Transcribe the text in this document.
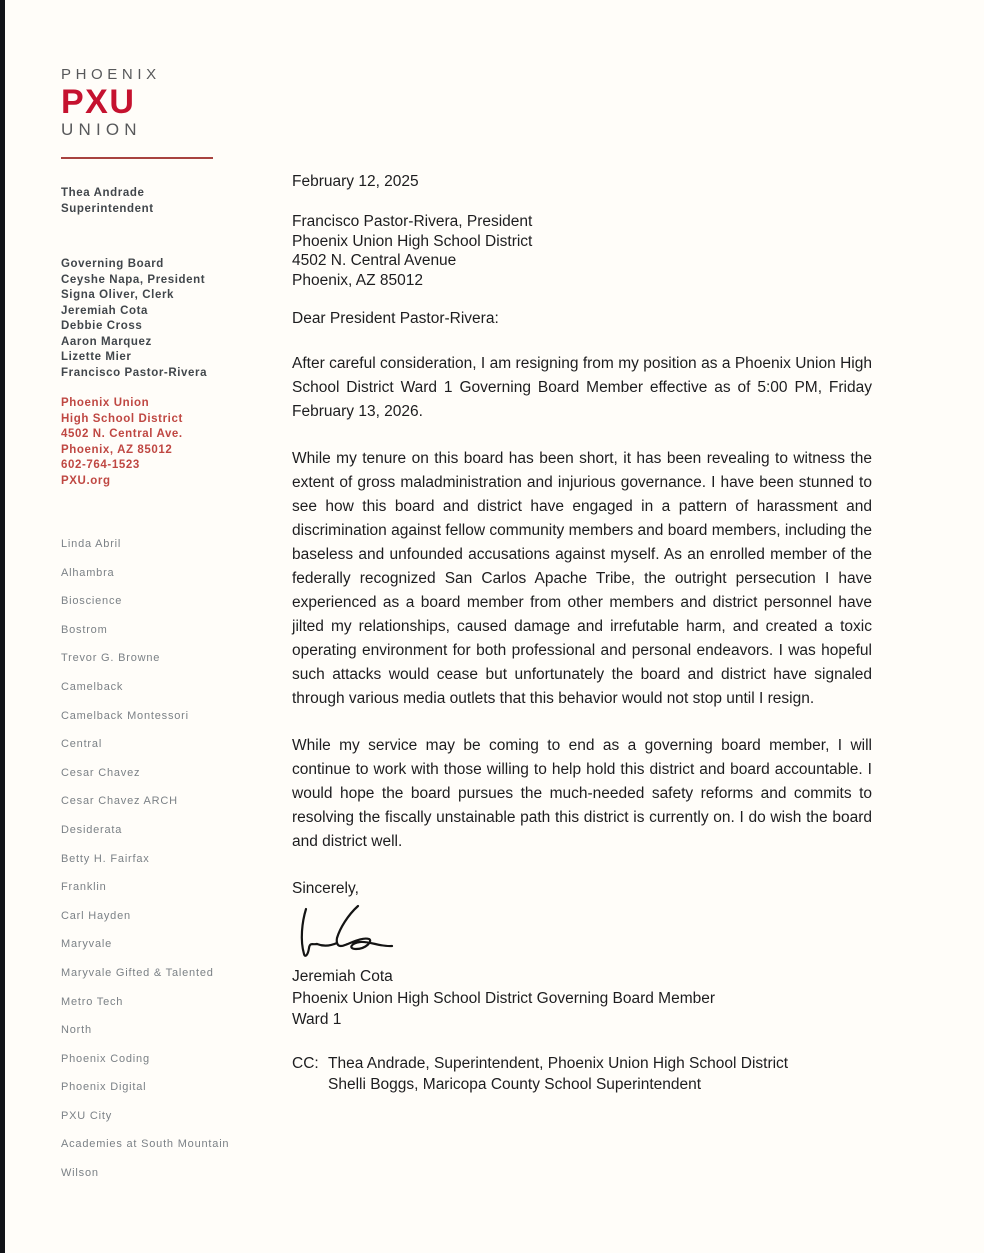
PHOENIX
PXU
UNION
Thea Andrade
Superintendent
Governing Board
Ceyshe Napa, President
Signa Oliver, Clerk
Jeremiah Cota
Debbie Cross
Aaron Marquez
Lizette Mier
Francisco Pastor-Rivera
Phoenix Union
High School District
4502 N. Central Ave.
Phoenix, AZ 85012
602-764-1523
PXU.org
Linda Abril
Alhambra
Bioscience
Bostrom
Trevor G. Browne
Camelback
Camelback Montessori
Central
Cesar Chavez
Cesar Chavez ARCH
Desiderata
Betty H. Fairfax
Franklin
Carl Hayden
Maryvale
Maryvale Gifted & Talented
Metro Tech
North
Phoenix Coding
Phoenix Digital
PXU City
Academies at South Mountain
Wilson
February 12, 2025
Francisco Pastor-Rivera, President
Phoenix Union High School District
4502 N. Central Avenue
Phoenix, AZ 85012
Dear President Pastor-Rivera:

After careful consideration, I am resigning from my position as a Phoenix Union High School District Ward 1 Governing Board Member effective as of 5:00 PM, Friday February 13, 2026.

While my tenure on this board has been short, it has been revealing to witness the extent of gross maladministration and injurious governance. I have been stunned to see how this board and district have engaged in a pattern of harassment and discrimination against fellow community members and board members, including the baseless and unfounded accusations against myself. As an enrolled member of the federally recognized San Carlos Apache Tribe, the outright persecution I have experienced as a board member from other members and district personnel have jilted my relationships, caused damage and irrefutable harm, and created a toxic operating environment for both professional and personal endeavors. I was hopeful such attacks would cease but unfortunately the board and district have signaled through various media outlets that this behavior would not stop until I resign.

While my service may be coming to end as a governing board member, I will continue to work with those willing to help hold this district and board accountable. I would hope the board pursues the much-needed safety reforms and commits to resolving the fiscally unstainable path this district is currently on. I do wish the board and district well.

Sincerely,
Jeremiah Cota
Phoenix Union High School District Governing Board Member
Ward 1
CC: Thea Andrade, Superintendent, Phoenix Union High School District
Shelli Boggs, Maricopa County School Superintendent
